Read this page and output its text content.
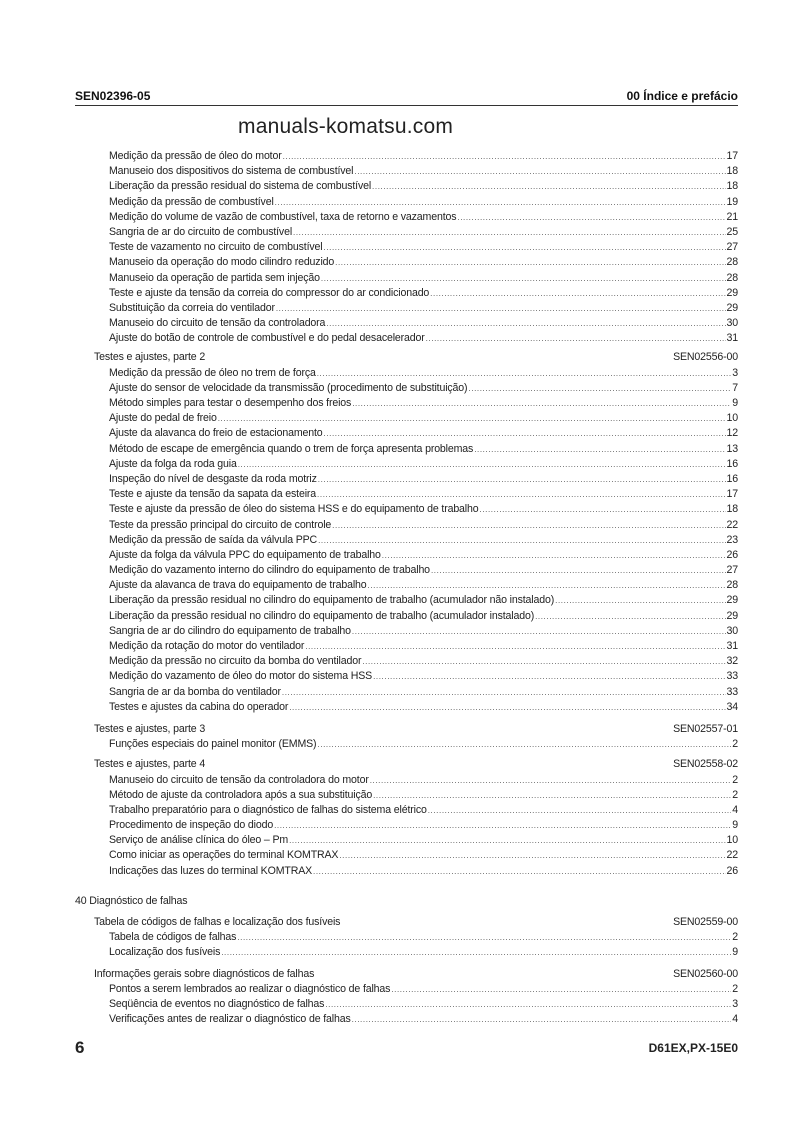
SEN02396-05	00 Índice e prefácio
manuals-komatsu.com
Medição da pressão de óleo do motor .....	17
Manuseio dos dispositivos do sistema de combustível .....	18
Liberação da pressão residual do sistema de combustível .....	18
Medição da pressão de combustível .....	19
Medição do volume de vazão de combustível, taxa de retorno e vazamentos .....	21
Sangria de ar do circuito de combustível .....	25
Teste de vazamento no circuito de combustível .....	27
Manuseio da operação do modo cilindro reduzido .....	28
Manuseio da operação de partida sem injeção .....	28
Teste e ajuste da tensão da correia do compressor do ar condicionado .....	29
Substituição da correia do ventilador .....	29
Manuseio do circuito de tensão da controladora .....	30
Ajuste do botão de controle de combustível e do pedal desacelerador .....	31
Testes e ajustes, parte 2	SEN02556-00
Medição da pressão de óleo no trem de força .....	3
Ajuste do sensor de velocidade da transmissão (procedimento de substituição) .....	7
Método simples para testar o desempenho dos freios .....	9
Ajuste do pedal de freio .....	10
Ajuste da alavanca do freio de estacionamento .....	12
Método de escape de emergência quando o trem de força apresenta problemas .....	13
Ajuste da folga da roda guia .....	16
Inspeção do nível de desgaste da roda motriz .....	16
Teste e ajuste da tensão da sapata da esteira .....	17
Teste e ajuste da pressão de óleo do sistema HSS e do equipamento de trabalho .....	18
Teste da pressão principal do circuito de controle .....	22
Medição da pressão de saída da válvula PPC .....	23
Ajuste da folga da válvula PPC do equipamento de trabalho .....	26
Medição do vazamento interno do cilindro do equipamento de trabalho .....	27
Ajuste da alavanca de trava do equipamento de trabalho .....	28
Liberação da pressão residual no cilindro do equipamento de trabalho (acumulador não instalado) .....	29
Liberação da pressão residual no cilindro do equipamento de trabalho (acumulador instalado) .....	29
Sangria de ar do cilindro do equipamento de trabalho .....	30
Medição da rotação do motor do ventilador .....	31
Medição da pressão no circuito da bomba do ventilador .....	32
Medição do vazamento de óleo do motor do sistema HSS .....	33
Sangria de ar da bomba do ventilador .....	33
Testes e ajustes da cabina do operador .....	34
Testes e ajustes, parte 3	SEN02557-01
Funções especiais do painel monitor (EMMS) .....	2
Testes e ajustes, parte 4	SEN02558-02
Manuseio do circuito de tensão da controladora do motor .....	2
Método de ajuste da controladora após a sua substituição .....	2
Trabalho preparatório para o diagnóstico de falhas do sistema elétrico .....	4
Procedimento de inspeção do diodo .....	9
Serviço de análise clínica do óleo – Pm .....	10
Como iniciar as operações do terminal KOMTRAX .....	22
Indicações das luzes do terminal KOMTRAX .....	26
40 Diagnóstico de falhas
Tabela de códigos de falhas e localização dos fusíveis	SEN02559-00
Tabela de códigos de falhas .....	2
Localização dos fusíveis .....	9
Informações gerais sobre diagnósticos de falhas	SEN02560-00
Pontos a serem lembrados ao realizar o diagnóstico de falhas .....	2
Seqüência de eventos no diagnóstico de falhas .....	3
Verificações antes de realizar o diagnóstico de falhas .....	4
6	D61EX,PX-15E0
